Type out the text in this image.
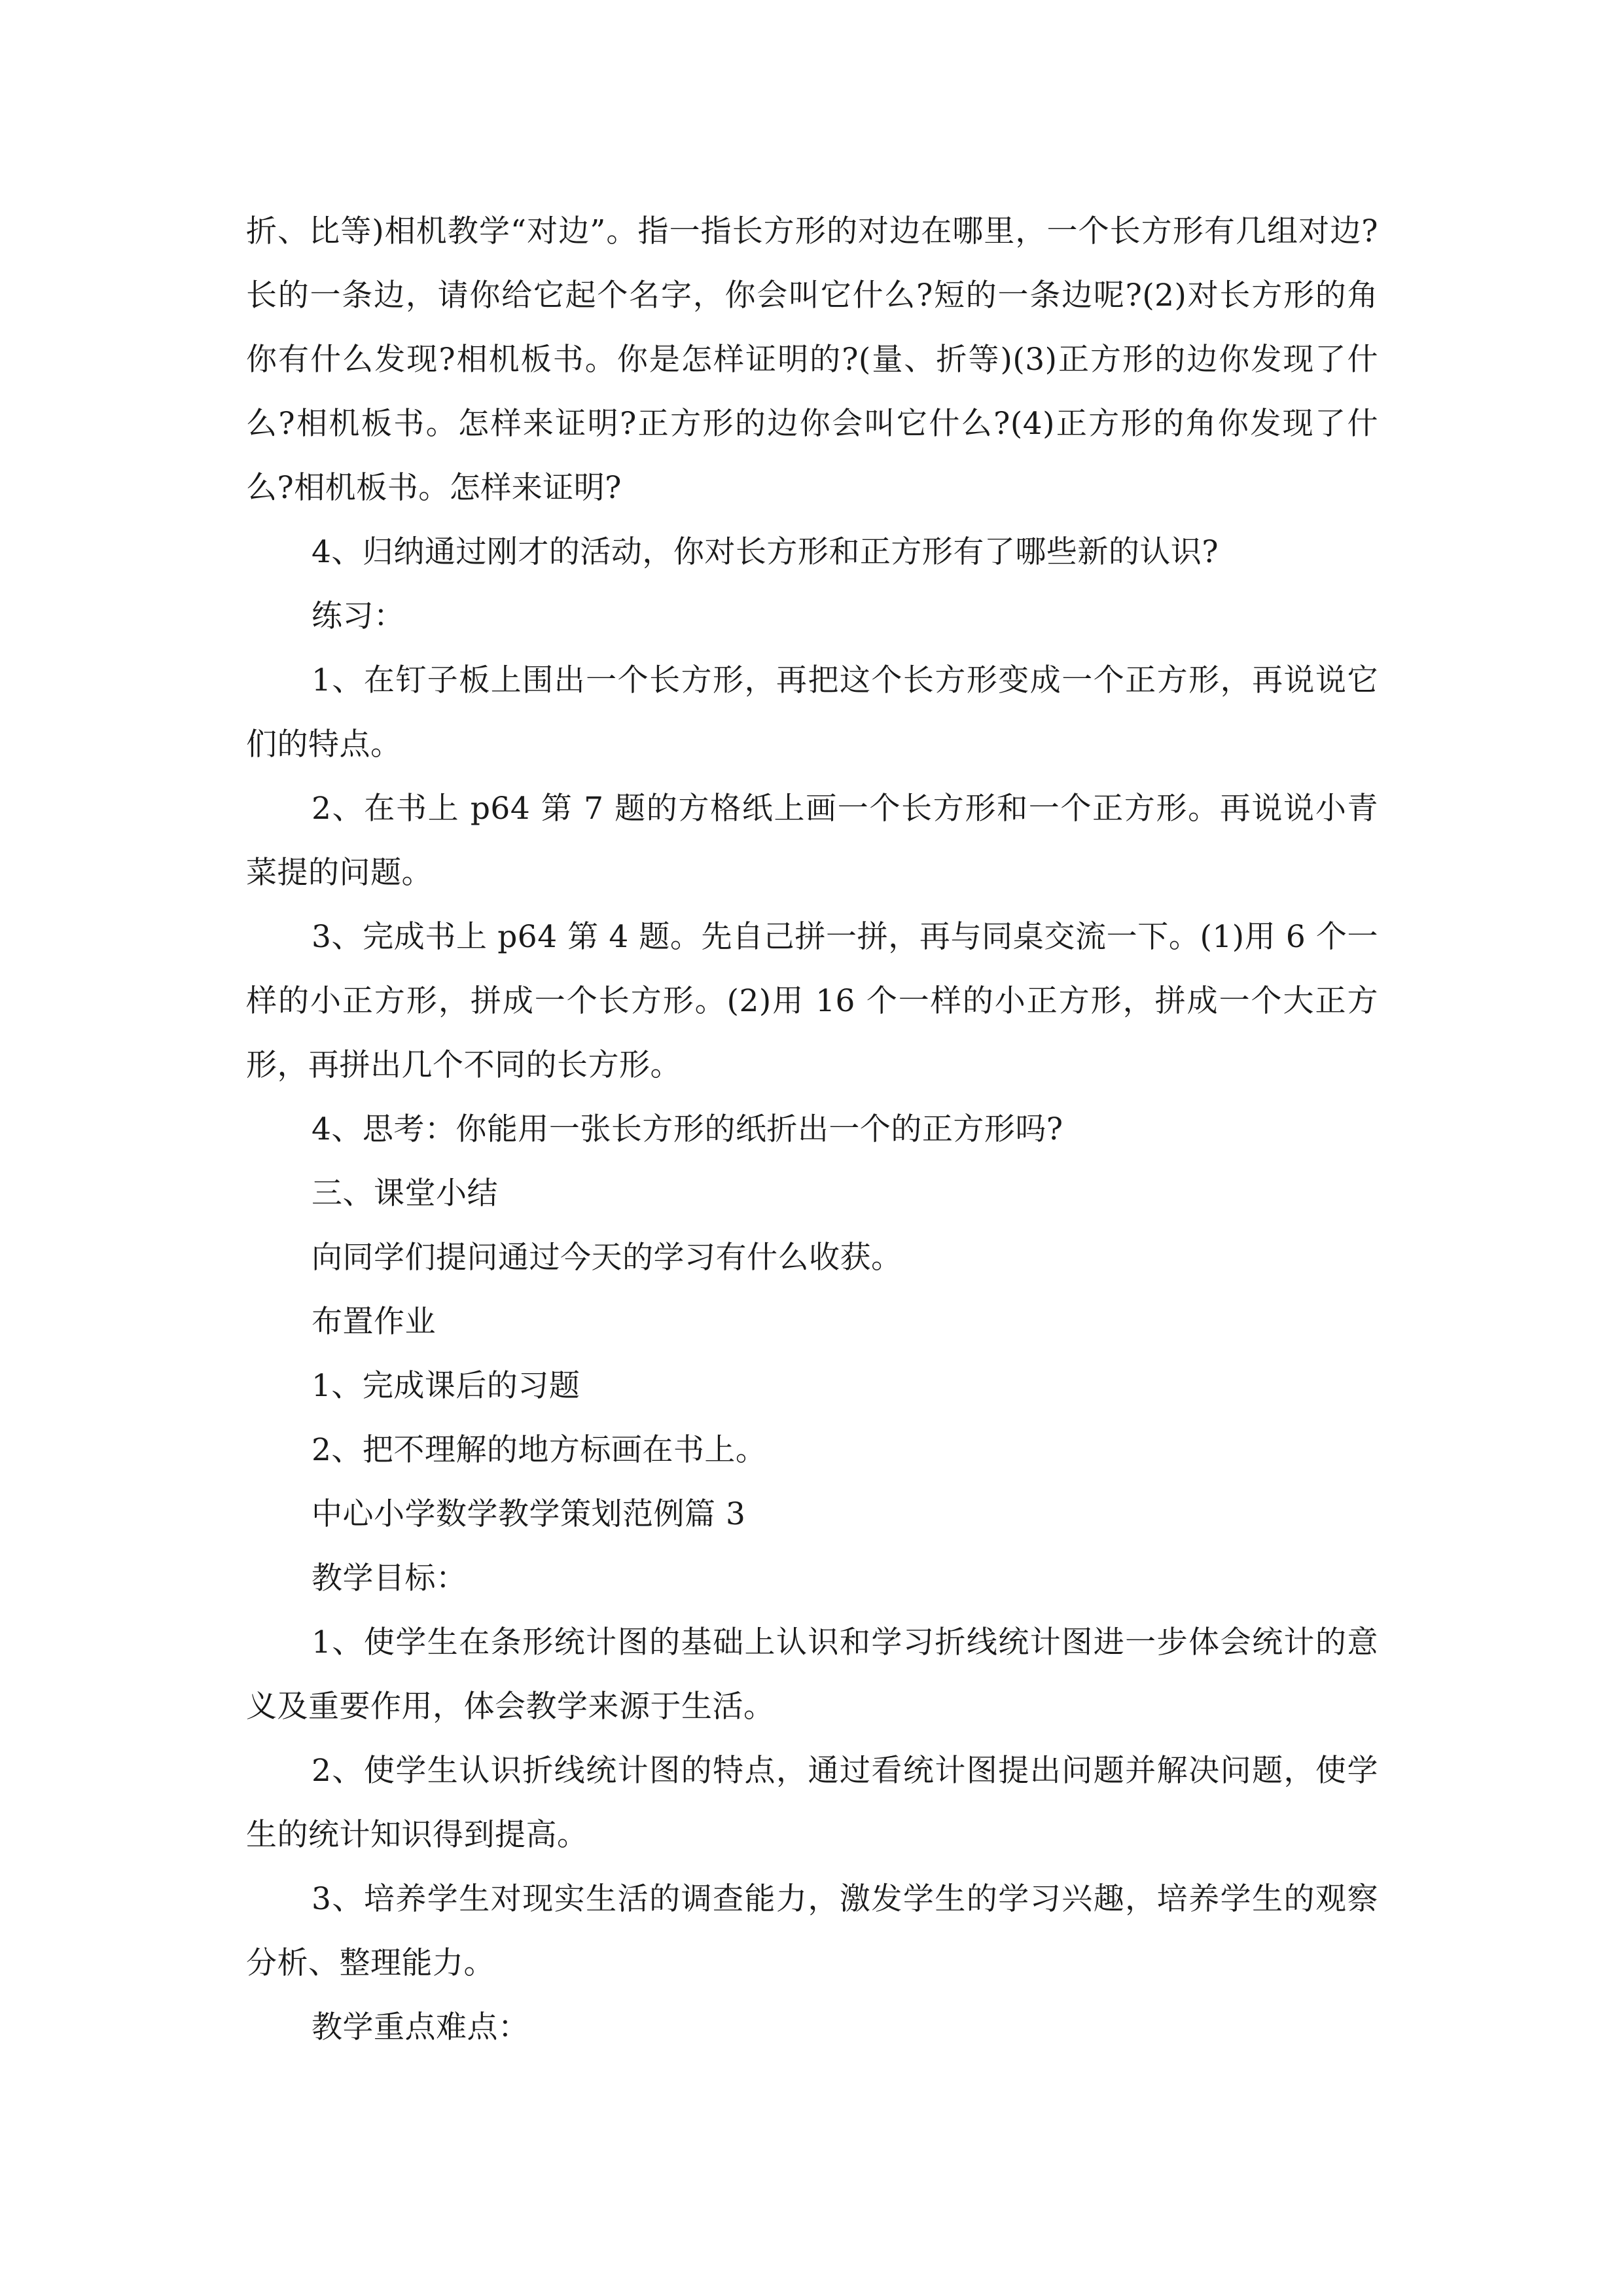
折、比等)相机教学“对边”。指一指长方形的对边在哪里，一个长方形有几组对边?长的一条边，请你给它起个名字，你会叫它什么?短的一条边呢?(2)对长方形的角你有什么发现?相机板书。你是怎样证明的?(量、折等)(3)正方形的边你发现了什么?相机板书。怎样来证明?正方形的边你会叫它什么?(4)正方形的角你发现了什么?相机板书。怎样来证明?

4、归纳通过刚才的活动，你对长方形和正方形有了哪些新的认识?

练习：

1、在钉子板上围出一个长方形，再把这个长方形变成一个正方形，再说说它们的特点。

2、在书上 p64 第 7 题的方格纸上画一个长方形和一个正方形。再说说小青菜提的问题。

3、完成书上 p64 第 4 题。先自己拼一拼，再与同桌交流一下。(1)用 6 个一样的小正方形，拼成一个长方形。(2)用 16 个一样的小正方形，拼成一个大正方形，再拼出几个不同的长方形。

4、思考：你能用一张长方形的纸折出一个的正方形吗?

三、课堂小结

向同学们提问通过今天的学习有什么收获。

布置作业

1、完成课后的习题

2、把不理解的地方标画在书上。

中心小学数学教学策划范例篇 3

教学目标：

1、使学生在条形统计图的基础上认识和学习折线统计图进一步体会统计的意义及重要作用，体会教学来源于生活。

2、使学生认识折线统计图的特点，通过看统计图提出问题并解决问题，使学生的统计知识得到提高。

3、培养学生对现实生活的调查能力，激发学生的学习兴趣，培养学生的观察分析、整理能力。

教学重点难点：
